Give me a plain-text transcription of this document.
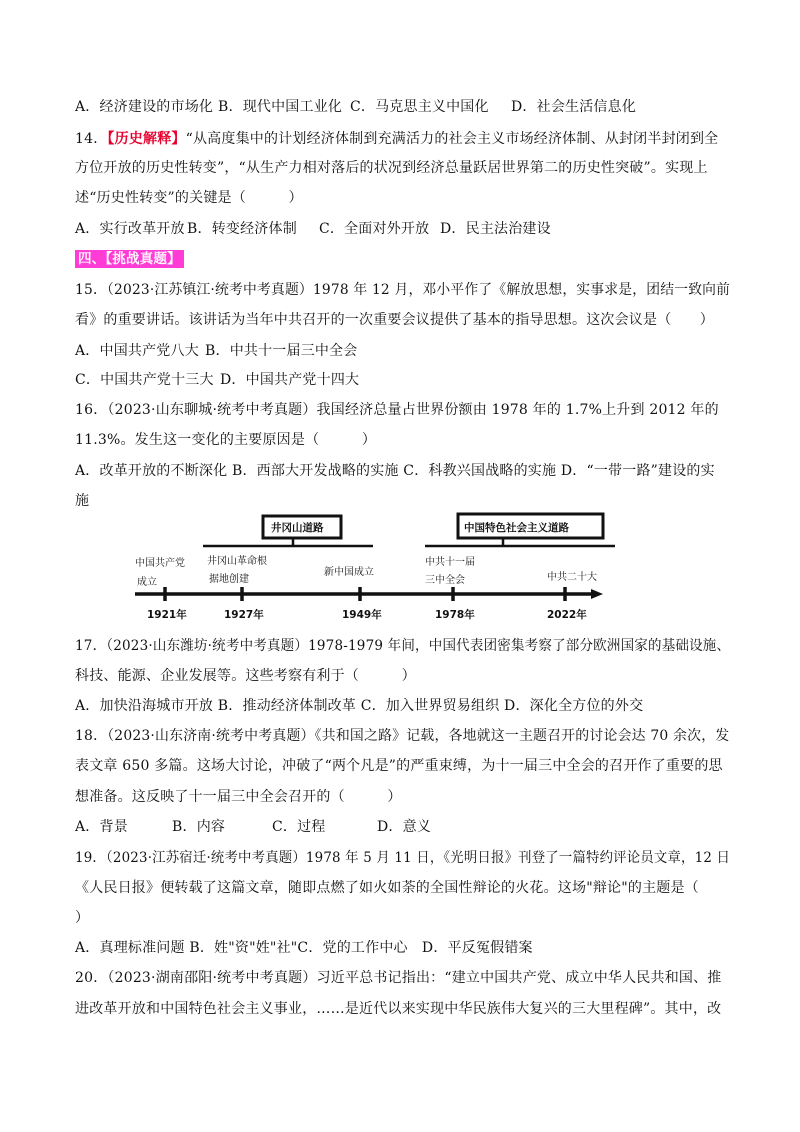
A．经济建设的市场化 B．现代中国工业化 C．马克思主义中国化	D．社会生活信息化
14．【历史解释】“从高度集中的计划经济体制到充满活力的社会主义市场经济体制、从封闭半封闭到全
方位开放的历史性转变”，“从生产力相对落后的状况到经济总量跃居世界第二的历史性突破”。实现上
述“历史性转变”的关键是（　　　）
A．实行改革开放 B．转变经济体制	C．全面对外开放 D．民主法治建设
四、【挑战真题】
15．（2023·江苏镇江·统考中考真题）1978 年 12 月，邓小平作了《解放思想，实事求是，团结一致向前
看》的重要讲话。该讲话为当年中共召开的一次重要会议提供了基本的指导思想。这次会议是（　　）
A．中国共产党八大 B．中共十一届三中全会
C．中国共产党十三大 D．中国共产党十四大
16．（2023·山东聊城·统考中考真题）我国经济总量占世界份额由 1978 年的 1.7%上升到 2012 年的
11.3%。发生这一变化的主要原因是（　　　）
A．改革开放的不断深化 B．西部大开发战略的实施 C．科教兴国战略的实施 D．“一带一路”建设的实
施
井冈山道路	中国特色社会主义道路
中国共产党
成立
井冈山革命根
据地创建
新中国成立
中共十一届
三中全会	中共二十大
1921年	1927年	1949年	1978年	2022年
17．（2023·山东潍坊·统考中考真题）1978-1979 年间，中国代表团密集考察了部分欧洲国家的基础设施、
科技、能源、企业发展等。这些考察有利于（　　　）
A．加快沿海城市开放 B．推动经济体制改革 C．加入世界贸易组织 D．深化全方位的外交
18．（2023·山东济南·统考中考真题）《共和国之路》记载，各地就这一主题召开的讨论会达 70 余次，发
表文章 650 多篇。这场大讨论，冲破了“两个凡是”的严重束缚，为十一届三中全会的召开作了重要的思
想准备。这反映了十一届三中全会召开的（　　　）
A．背景	B．内容	C．过程	D．意义
19．（2023·江苏宿迁·统考中考真题）1978 年 5 月 11 日，《光明日报》刊登了一篇特约评论员文章，12 日
《人民日报》便转载了这篇文章，随即点燃了如火如荼的全国性辩论的火花。这场"辩论"的主题是（
）
A．真理标准问题 B．姓"资"姓"社"C．党的工作中心　D．平反冤假错案
20．（2023·湖南邵阳·统考中考真题）习近平总书记指出：“建立中国共产党、成立中华人民共和国、推
进改革开放和中国特色社会主义事业，……是近代以来实现中华民族伟大复兴的三大里程碑”。其中，改
